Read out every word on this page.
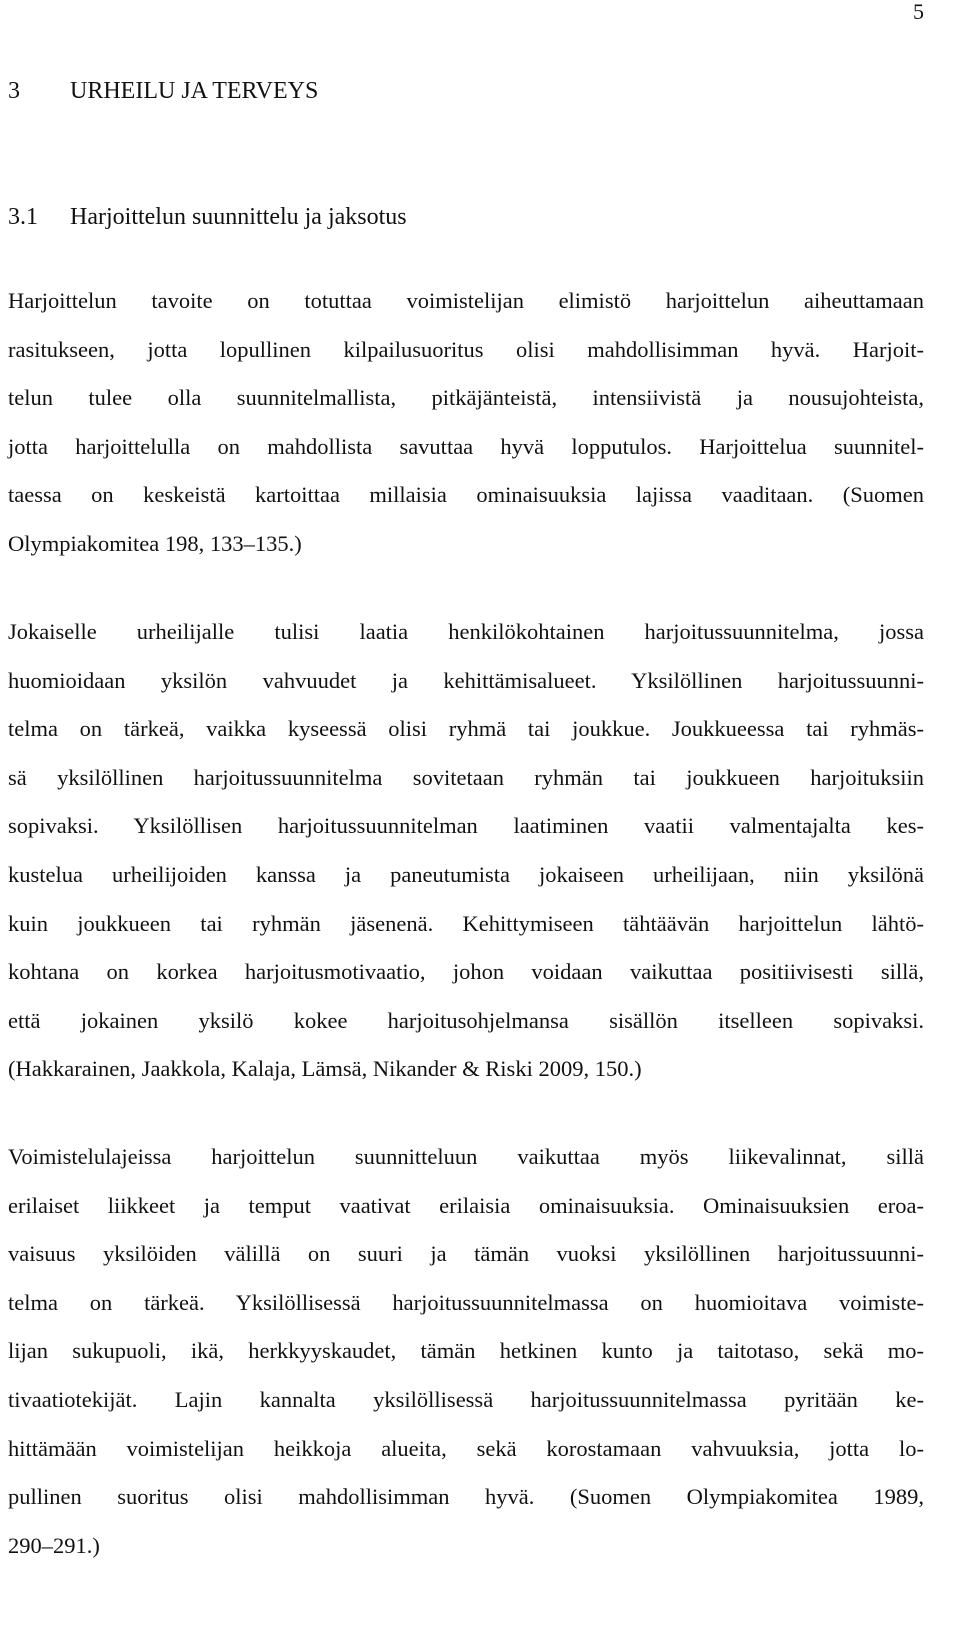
5
3 URHEILU JA TERVEYS
3.1 Harjoittelun suunnittelu ja jaksotus
Harjoittelun tavoite on totuttaa voimistelijan elimistö harjoittelun aiheuttamaan
rasitukseen, jotta lopullinen kilpailusuoritus olisi mahdollisimman hyvä. Harjoit-
telun tulee olla suunnitelmallista, pitkäjänteistä, intensiivistä ja nousujohteista,
jotta harjoittelulla on mahdollista savuttaa hyvä lopputulos. Harjoittelua suunnitel-
taessa on keskeistä kartoittaa millaisia ominaisuuksia lajissa vaaditaan. (Suomen
Olympiakomitea 198, 133–135.)
Jokaiselle urheilijalle tulisi laatia henkilökohtainen harjoitussuunnitelma, jossa
huomioidaan yksilön vahvuudet ja kehittämisalueet. Yksilöllinen harjoitussuunni-
telma on tärkeä, vaikka kyseessä olisi ryhmä tai joukkue. Joukkueessa tai ryhmäs-
sä yksilöllinen harjoitussuunnitelma sovitetaan ryhmän tai joukkueen harjoituksiin
sopivaksi. Yksilöllisen harjoitussuunnitelman laatiminen vaatii valmentajalta kes-
kustelua urheilijoiden kanssa ja paneutumista jokaiseen urheilijaan, niin yksilönä
kuin joukkueen tai ryhmän jäsenenä. Kehittymiseen tähtäävän harjoittelun lähtö-
kohtana on korkea harjoitusmotivaatio, johon voidaan vaikuttaa positiivisesti sillä,
että jokainen yksilö kokee harjoitusohjelmansa sisällön itselleen sopivaksi.
(Hakkarainen, Jaakkola, Kalaja, Lämsä, Nikander & Riski 2009, 150.)
Voimistelulajeissa harjoittelun suunnitteluun vaikuttaa myös liikevalinnat, sillä
erilaiset liikkeet ja temput vaativat erilaisia ominaisuuksia. Ominaisuuksien eroa-
vaisuus yksilöiden välillä on suuri ja tämän vuoksi yksilöllinen harjoitussuunni-
telma on tärkeä. Yksilöllisessä harjoitussuunnitelmassa on huomioitava voimiste-
lijan sukupuoli, ikä, herkkyyskaudet, tämän hetkinen kunto ja taitotaso, sekä mo-
tivaatiotekijät. Lajin kannalta yksilöllisessä harjoitussuunnitelmassa pyritään ke-
hittämään voimistelijan heikkoja alueita, sekä korostamaan vahvuuksia, jotta lo-
pullinen suoritus olisi mahdollisimman hyvä. (Suomen Olympiakomitea 1989,
290–291.)
